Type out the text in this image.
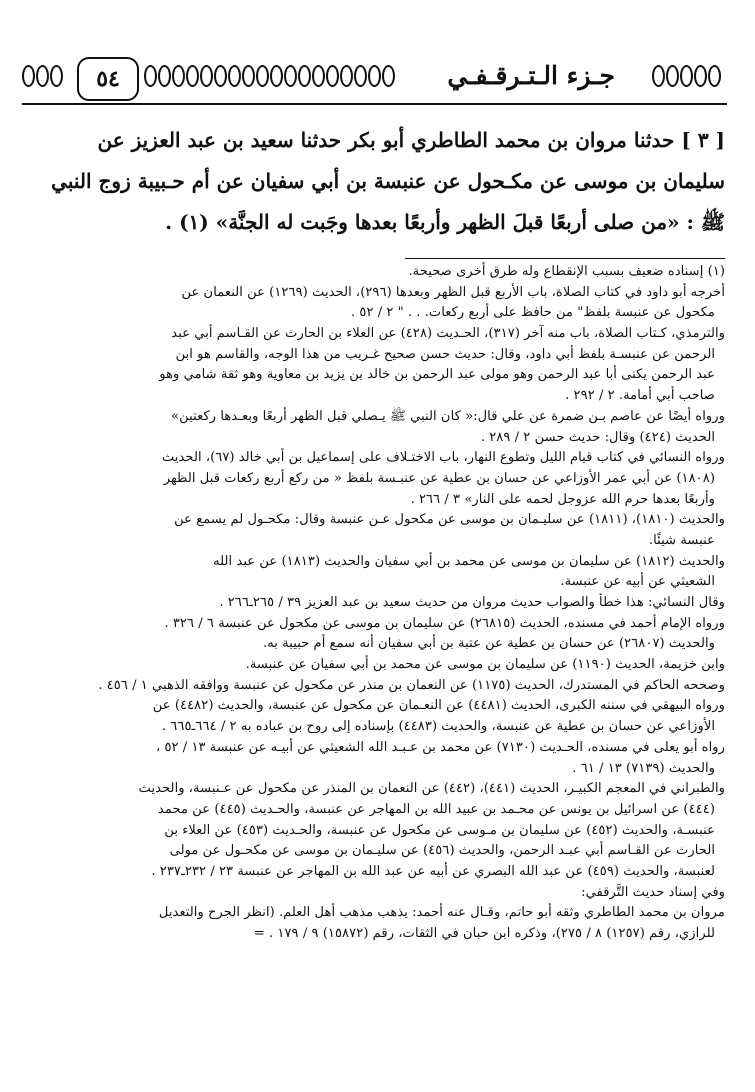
جـزء الـتـرقـفـي
٥٤
[ ٣ ] حدثنا مروان بن محمد الطاطري أبو بكر حدثنا سعيد بن عبد العزيز عن
سليمان بن موسى عن مكـحول عن عنبسة بن أبي سفيان عن أم حـبيبة زوج النبي
ﷺ : «من صلى أربعًا قبلَ الظهر وأربعًا بعدها وجَبت له الجنَّة» (١) .
(١) إسناده ضعيف بسبب الإنقطاع وله طرق أخرى صحيحة.
أخرجه أبو داود في كتاب الصلاة، باب الأربع قبل الظهر وبعدها (٢٩٦)، الحديث (١٢٦٩) عن النعمان عن
مكحول عن عنبسة بلفظ" من حافظ على أربع ركعات. . . " ٢ / ٥٢ .
والترمذي، كـتاب الصلاة، باب منه آخر (٣١٧)، الحـديث (٤٢٨) عن العلاء بن الحارث عن القـاسم أبي عبد
الرحمن عن عنبسـة بلفظ أبي داود، وقال: حديث حسن صحيح غـريب من هذا الوجه، والقاسم هو ابن
عبد الرحمن يكنى أبا عبد الرحمن وهو مولى عبد الرحمن بن خالد بن يزيد بن معاوية وهو ثقة شامي وهو
صاحب أبي أمامة. ٢ / ٢٩٢ .
ورواه أيضًا عن عاصم بـن ضمرة عن علي قال:« كان النبي ﷺ يـصلي قبل الظهر أربعًا وبعـدها ركعتين»
الحديث (٤٢٤) وقال: حديث حسن ٢ / ٢٨٩ .
ورواه النسائي في كتاب قيام الليل وتطوع النهار، باب الاختـلاف على إسماعيل بن أبي خالد (٦٧)، الحديث
(١٨٠٨) عن أبي عمر الأوزاعي عن حسان بن عطية عن عنبـسة بلفظ « من ركع أربع ركعات قبل الظهر
وأربعًا بعدها حرم الله عزوجل لحمه على النار» ٣ / ٢٦٦ .
والحديث (١٨١٠)، (١٨١١) عن سليـمان بن موسى عن مكحول عـن عنبسة وقال: مكحـول لم يسمع عن
عنبسة شيئًا.
والحديث (١٨١٢) عن سليمان بن موسى عن محمد بن أبي سفيان والحديث (١٨١٣) عن عبد الله
الشعيثي عن أبيه عن عنبسة.
وقال النسائي: هذا خطأ والصواب حديث مروان من حديث سعيد بن عبد العزيز ٣٩ / ٢٦٥ـ٢٦٦ .
ورواه الإمام أحمد في مسنده، الحديث (٢٦٨١٥) عن سليمان بن موسى عن مكحول عن عنبسة ٦ / ٣٢٦ .
والحديث (٢٦٨٠٧) عن حسان بن عطية عن عتبة بن أبي سفيان أنه سمع أم حبيبة به.
وابن خزيمة، الحديث (١١٩٠) عن سليمان بن موسى عن محمد بن أبي سفيان عن عنبسة.
وصححه الحاكم في المستدرك، الحديث (١١٧٥) عن النعمان بن منذر عن مكحول عن عنبسة ووافقه الذهبي ١ / ٤٥٦ .
ورواه البيهقي في سننه الكبرى، الحديث (٤٤٨١) عن النعـمان عن مكحول عن عنبسة، والحديث (٤٤٨٢) عن
الأوزاعي عن حسان بن عطية عن عنبسة، والحديث (٤٤٨٣) بإسناده إلى روح بن عباده به ٢ / ٦٦٤ـ٦٦٥ .
رواه أبو يعلى في مسنده، الحـديث (٧١٣٠) عن محمد بن عـبـد الله الشعيثي عن أبيـه عن عنبسة ١٣ / ٥٢ ،
والحديث (٧١٣٩) ١٣ / ٦١ .
والطبراني في المعجم الكبيـر، الحديث (٤٤١)، (٤٤٢) عن النعمان بن المنذر عن مكحول عن عـنبسة، والحديث
(٤٤٤) عن اسرائيل بن يونس عن محـمد بن عبيد الله بن المهاجر عن عنبسة، والحـديث (٤٤٥) عن محمد
عنبسـة، والحديث (٤٥٢) عن سليمان بن مـوسى عن مكحول عن عنبسة، والحـديث (٤٥٣) عن العلاء بن
الحارث عن القـاسم أبي عبـد الرحمن، والحديث (٤٥٦) عن سليـمان بن موسى عن مكحـول عن مولى
لعنبسة، والحديث (٤٥٩) عن عبد الله البصري عن أبيه عن عبد الله بن المهاجر عن عنبسة ٢٣ / ٢٣٢ـ٢٣٧ .
وفي إسناد حديث التَّرقفي:
مروان بن محمد الطاطري وثقه أبو حاتم، وقـال عنه أحمد: يذهب مذهب أهل العلم. (انظر الجرح والتعديل
للرازي، رقم (١٢٥٧) ٨ / ٢٧٥)، وذكره ابن حبان في الثقات، رقم (١٥٨٧٢) ٩ / ١٧٩ . =
